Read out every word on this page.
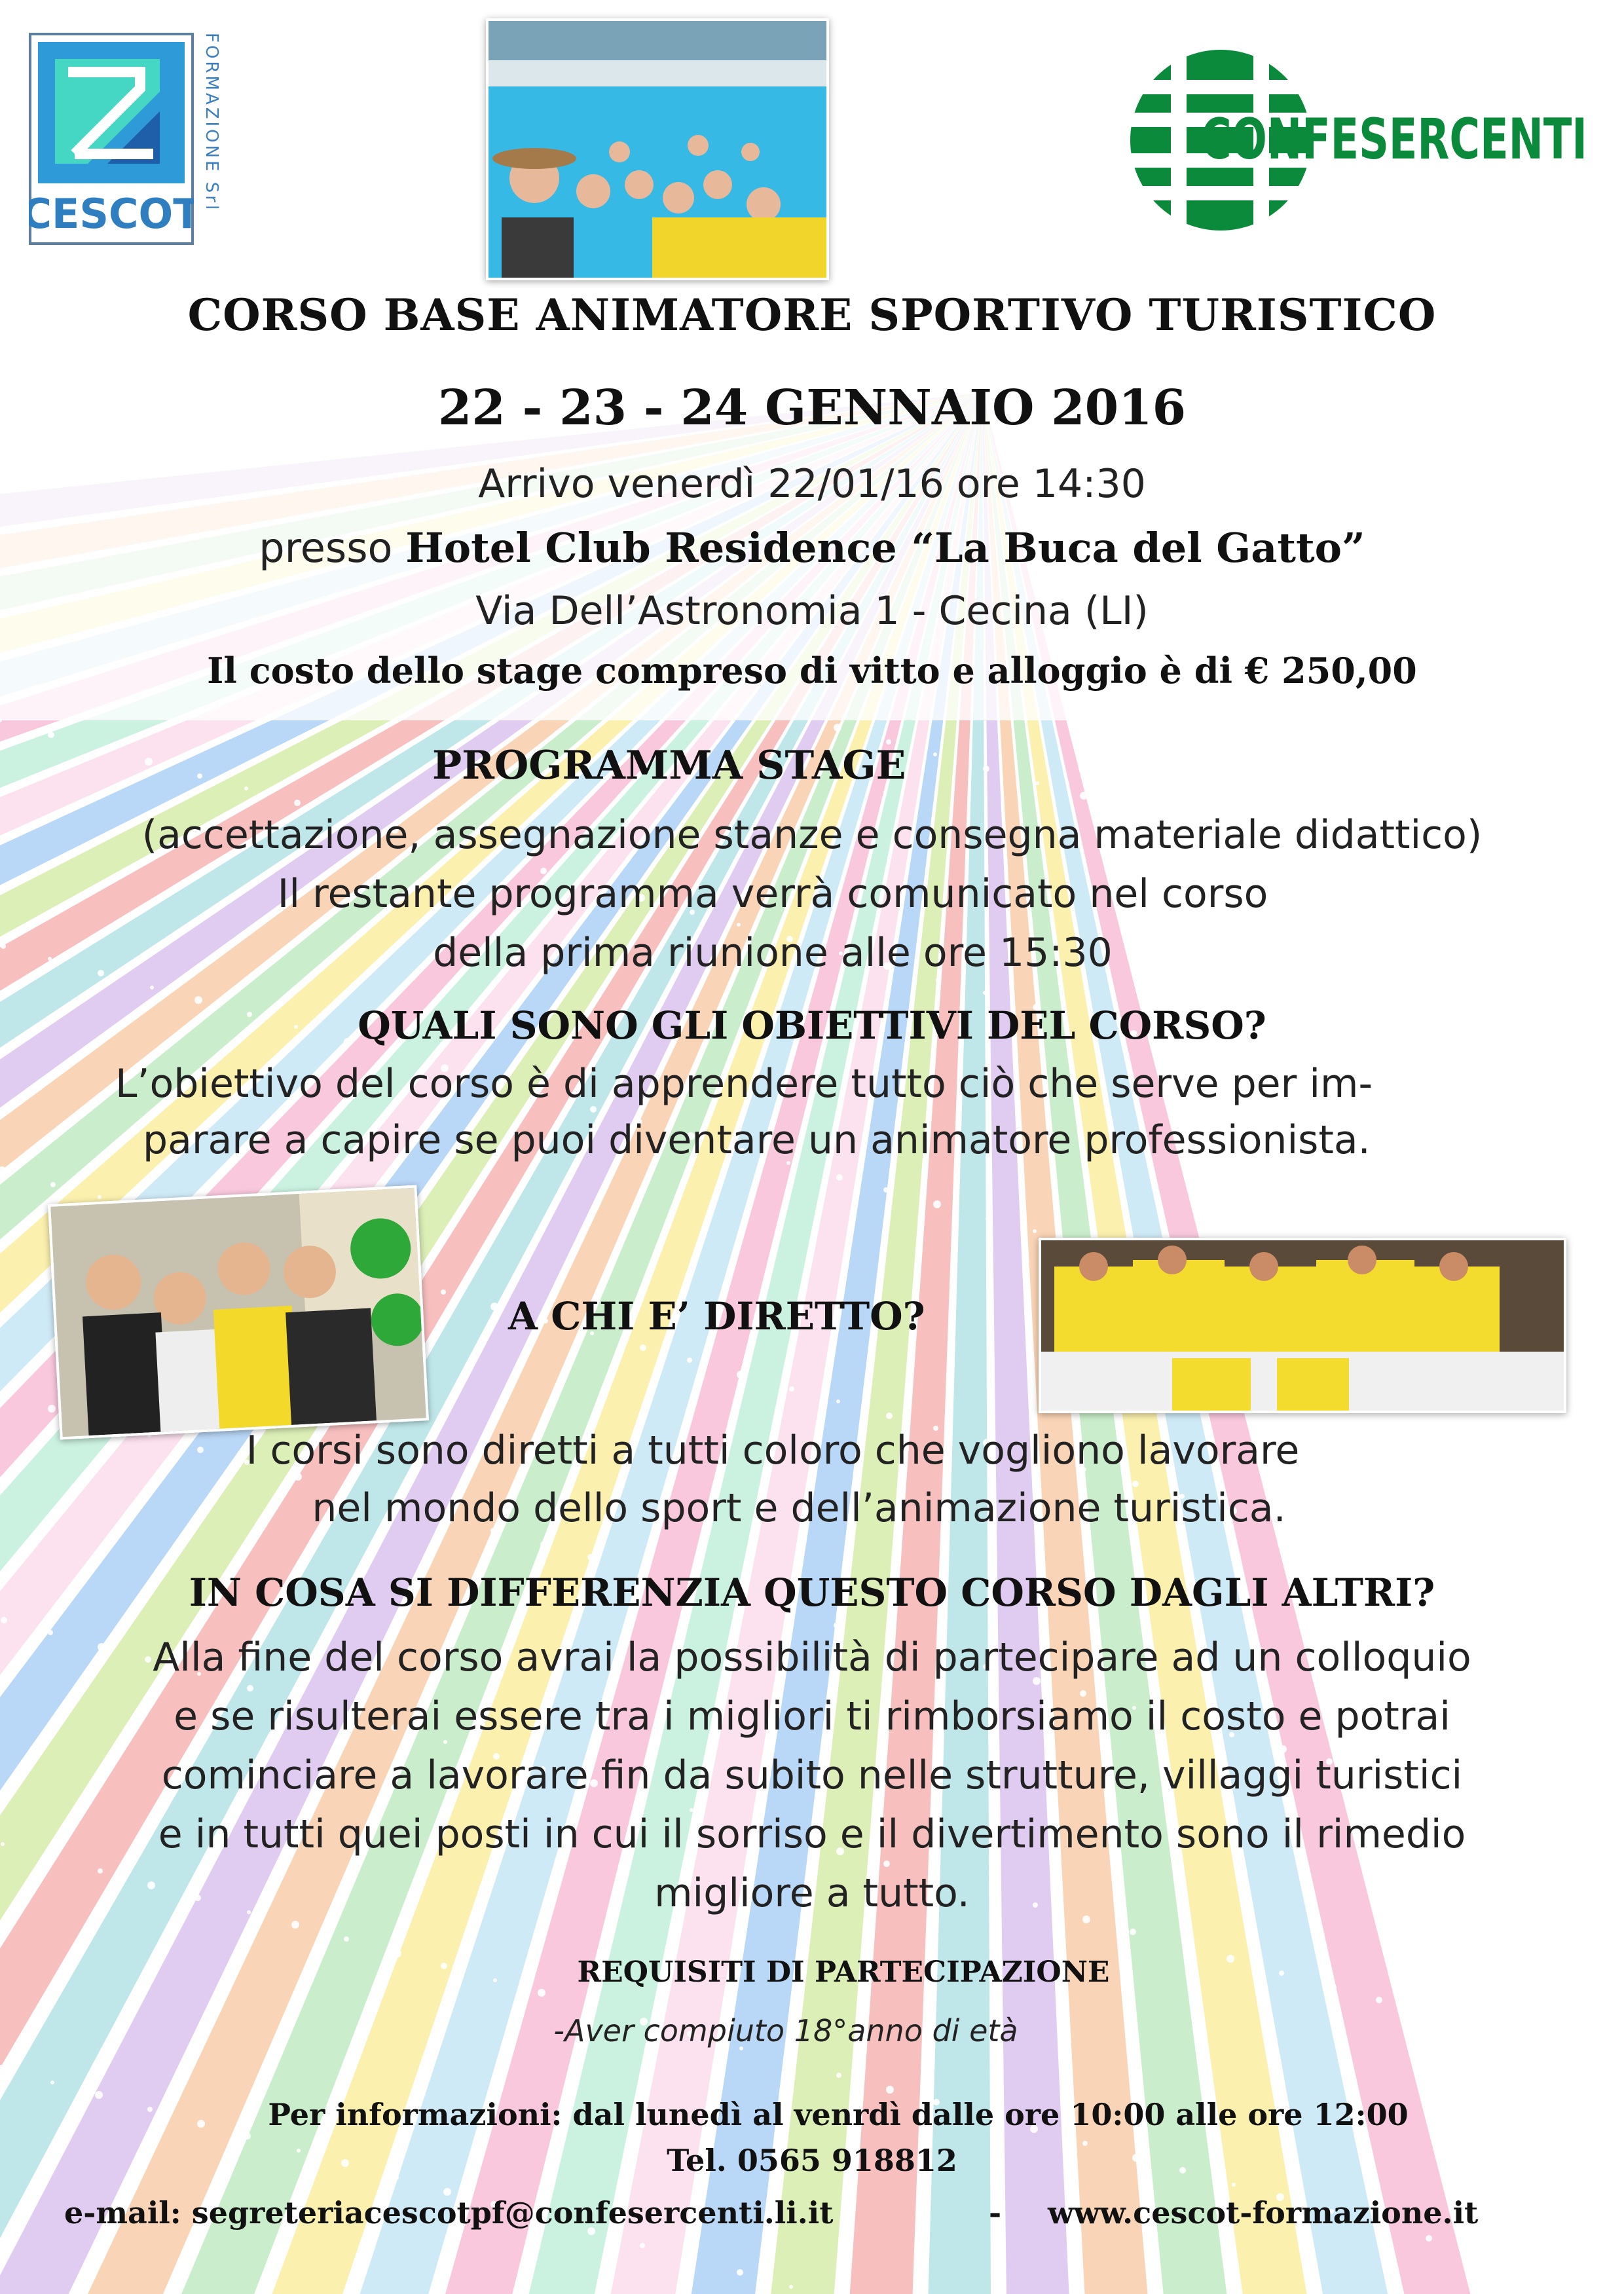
CESCOT
FORMAZIONE Srl	CONFESERCENTI
CORSO BASE ANIMATORE SPORTIVO TURISTICO
22 - 23 - 24 GENNAIO 2016
Arrivo venerdì 22/01/16 ore 14:30
presso Hotel Club Residence “La Buca del Gatto”
Via Dell’Astronomia 1 - Cecina (LI)
Il costo dello stage compreso di vitto e alloggio è di € 250,00
PROGRAMMA STAGE
(accettazione, assegnazione stanze e consegna materiale didattico)
Il restante programma verrà comunicato nel corso
della prima riunione alle ore 15:30
QUALI SONO GLI OBIETTIVI DEL CORSO?
L’obiettivo del corso è di apprendere tutto ciò che serve per im-
parare a capire se puoi diventare un animatore professionista.
A CHI E’ DIRETTO?
I corsi sono diretti a tutti coloro che vogliono lavorare
nel mondo dello sport e dell’animazione turistica.
IN COSA SI DIFFERENZIA QUESTO CORSO DAGLI ALTRI?
Alla fine del corso avrai la possibilità di partecipare ad un colloquio
e se risulterai essere tra i migliori ti rimborsiamo il costo e potrai
cominciare a lavorare fin da subito nelle strutture, villaggi turistici
e in tutti quei posti in cui il sorriso e il divertimento sono il rimedio
migliore a tutto.
REQUISITI DI PARTECIPAZIONE
-Aver compiuto 18°anno di età
Per informazioni: dal lunedì al venrdì dalle ore 10:00 alle ore 12:00
Tel. 0565 918812
e-mail: segreteriacescotpf@confesercenti.li.it	- www.cescot-formazione.it
